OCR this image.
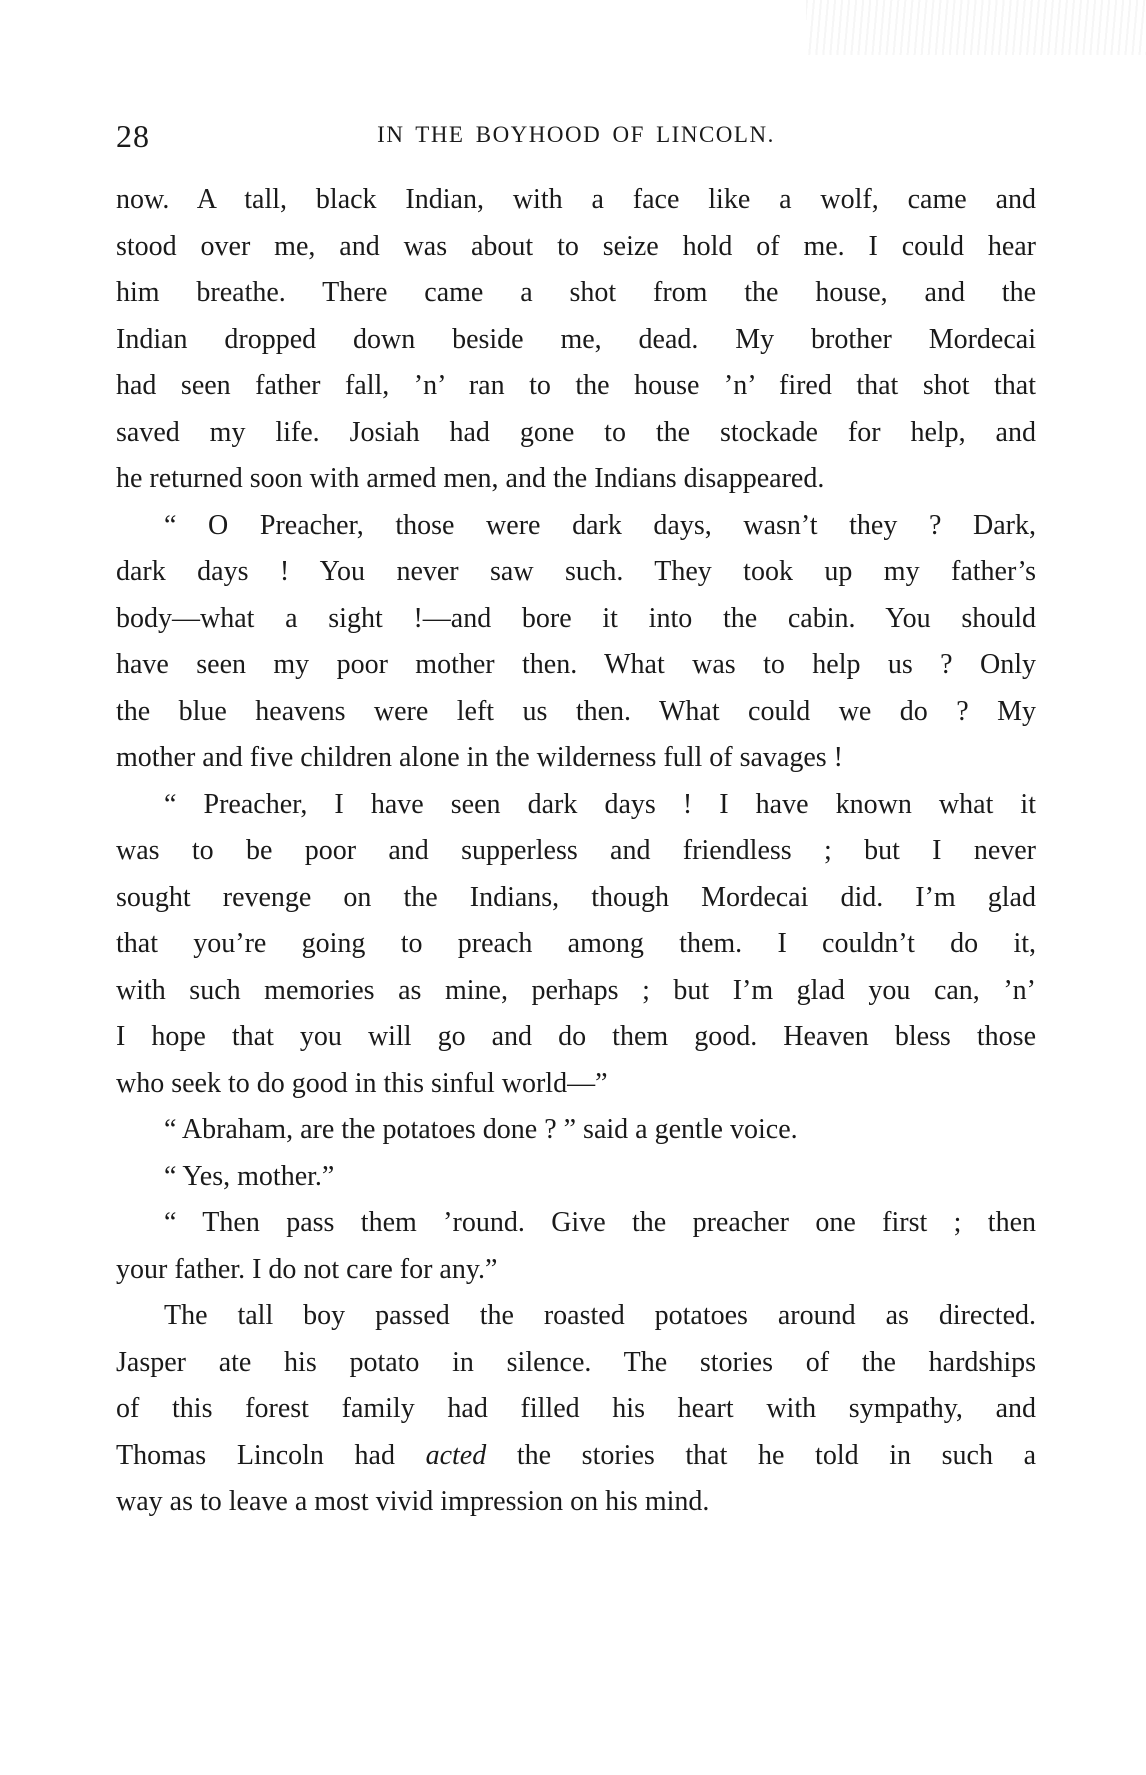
28	IN THE BOYHOOD OF LINCOLN.
now. A tall, black Indian, with a face like a wolf, came and
stood over me, and was about to seize hold of me. I could hear
him breathe. There came a shot from the house, and the
Indian dropped down beside me, dead. My brother Mordecai
had seen father fall, ’n’ ran to the house ’n’ fired that shot that
saved my life. Josiah had gone to the stockade for help, and
he returned soon with armed men, and the Indians disappeared.
“ O Preacher, those were dark days, wasn’t they ? Dark,
dark days ! You never saw such. They took up my father’s
body—what a sight !—and bore it into the cabin. You should
have seen my poor mother then. What was to help us ? Only
the blue heavens were left us then. What could we do ? My
mother and five children alone in the wilderness full of savages !
“ Preacher, I have seen dark days ! I have known what it
was to be poor and supperless and friendless ; but I never
sought revenge on the Indians, though Mordecai did. I’m glad
that you’re going to preach among them. I couldn’t do it,
with such memories as mine, perhaps ; but I’m glad you can, ’n’
I hope that you will go and do them good. Heaven bless those
who seek to do good in this sinful world—”
“ Abraham, are the potatoes done ? ” said a gentle voice.
“ Yes, mother.”
“ Then pass them ’round. Give the preacher one first ; then
your father. I do not care for any.”
The tall boy passed the roasted potatoes around as directed.
Jasper ate his potato in silence. The stories of the hardships
of this forest family had filled his heart with sympathy, and
Thomas Lincoln had acted the stories that he told in such a
way as to leave a most vivid impression on his mind.
